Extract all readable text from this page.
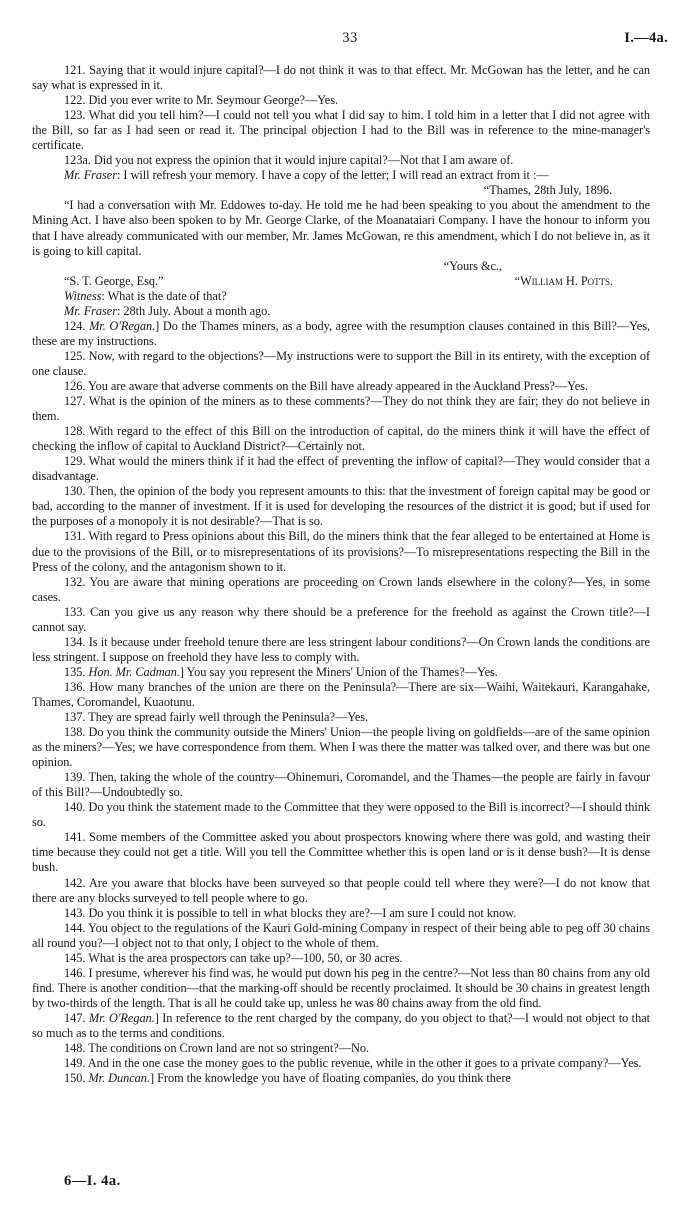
33	I.—4a.

121. Saying that it would injure capital?—I do not think it was to that effect. Mr. McGowan has the letter, and he can say what is expressed in it.

122. Did you ever write to Mr. Seymour George?—Yes.

123. What did you tell him?—I could not tell you what I did say to him. I told him in a letter that I did not agree with the Bill, so far as I had seen or read it. The principal objection I had to the Bill was in reference to the mine-manager's certificate.

123a. Did you not express the opinion that it would injure capital?—Not that I am aware of.

Mr. Fraser: I will refresh your memory. I have a copy of the letter; I will read an extract from it :—

“Thames, 28th July, 1896.

“I had a conversation with Mr. Eddowes to-day. He told me he had been speaking to you about the amendment to the Mining Act. I have also been spoken to by Mr. George Clarke, of the Moanataiari Company. I have the honour to inform you that I have already communicated with our member, Mr. James McGowan, re this amendment, which I do not believe in, as it is going to kill capital.

“Yours &c.,

“S. T. George, Esq.”	“William H. Potts.

Witness: What is the date of that?

Mr. Fraser: 28th July. About a month ago.

124. Mr. O'Regan.] Do the Thames miners, as a body, agree with the resumption clauses contained in this Bill?—Yes, these are my instructions.

125. Now, with regard to the objections?—My instructions were to support the Bill in its entirety, with the exception of one clause.

126. You are aware that adverse comments on the Bill have already appeared in the Auckland Press?—Yes.

127. What is the opinion of the miners as to these comments?—They do not think they are fair; they do not believe in them.

128. With regard to the effect of this Bill on the introduction of capital, do the miners think it will have the effect of checking the inflow of capital to Auckland District?—Certainly not.

129. What would the miners think if it had the effect of preventing the inflow of capital?—They would consider that a disadvantage.

130. Then, the opinion of the body you represent amounts to this: that the investment of foreign capital may be good or bad, according to the manner of investment. If it is used for developing the resources of the district it is good; but if used for the purposes of a monopoly it is not desirable?—That is so.

131. With regard to Press opinions about this Bill, do the miners think that the fear alleged to be entertained at Home is due to the provisions of the Bill, or to misrepresentations of its provisions?—To misrepresentations respecting the Bill in the Press of the colony, and the antagonism shown to it.

132. You are aware that mining operations are proceeding on Crown lands elsewhere in the colony?—Yes, in some cases.

133. Can you give us any reason why there should be a preference for the freehold as against the Crown title?—I cannot say.

134. Is it because under freehold tenure there are less stringent labour conditions?—On Crown lands the conditions are less stringent. I suppose on freehold they have less to comply with.

135. Hon. Mr. Cadman.] You say you represent the Miners' Union of the Thames?—Yes.

136. How many branches of the union are there on the Peninsula?—There are six—Waihi, Waitekauri, Karangahake, Thames, Coromandel, Kuaotunu.

137. They are spread fairly well through the Peninsula?—Yes.

138. Do you think the community outside the Miners' Union—the people living on goldfields—are of the same opinion as the miners?—Yes; we have correspondence from them. When I was there the matter was talked over, and there was but one opinion.

139. Then, taking the whole of the country—Ohinemuri, Coromandel, and the Thames—the people are fairly in favour of this Bill?—Undoubtedly so.

140. Do you think the statement made to the Committee that they were opposed to the Bill is incorrect?—I should think so.

141. Some members of the Committee asked you about prospectors knowing where there was gold, and wasting their time because they could not get a title. Will you tell the Committee whether this is open land or is it dense bush?—It is dense bush.

142. Are you aware that blocks have been surveyed so that people could tell where they were?—I do not know that there are any blocks surveyed to tell people where to go.

143. Do you think it is possible to tell in what blocks they are?—I am sure I could not know.

144. You object to the regulations of the Kauri Gold-mining Company in respect of their being able to peg off 30 chains all round you?—I object not to that only, I object to the whole of them.

145. What is the area prospectors can take up?—100, 50, or 30 acres.

146. I presume, wherever his find was, he would put down his peg in the centre?—Not less than 80 chains from any old find. There is another condition—that the marking-off should be recently proclaimed. It should be 30 chains in greatest length by two-thirds of the length. That is all he could take up, unless he was 80 chains away from the old find.

147. Mr. O'Regan.] In reference to the rent charged by the company, do you object to that?—I would not object to that so much as to the terms and conditions.

148. The conditions on Crown land are not so stringent?—No.

149. And in the one case the money goes to the public revenue, while in the other it goes to a private company?—Yes.

150. Mr. Duncan.] From the knowledge you have of floating companies, do you think there

6—I. 4a.
